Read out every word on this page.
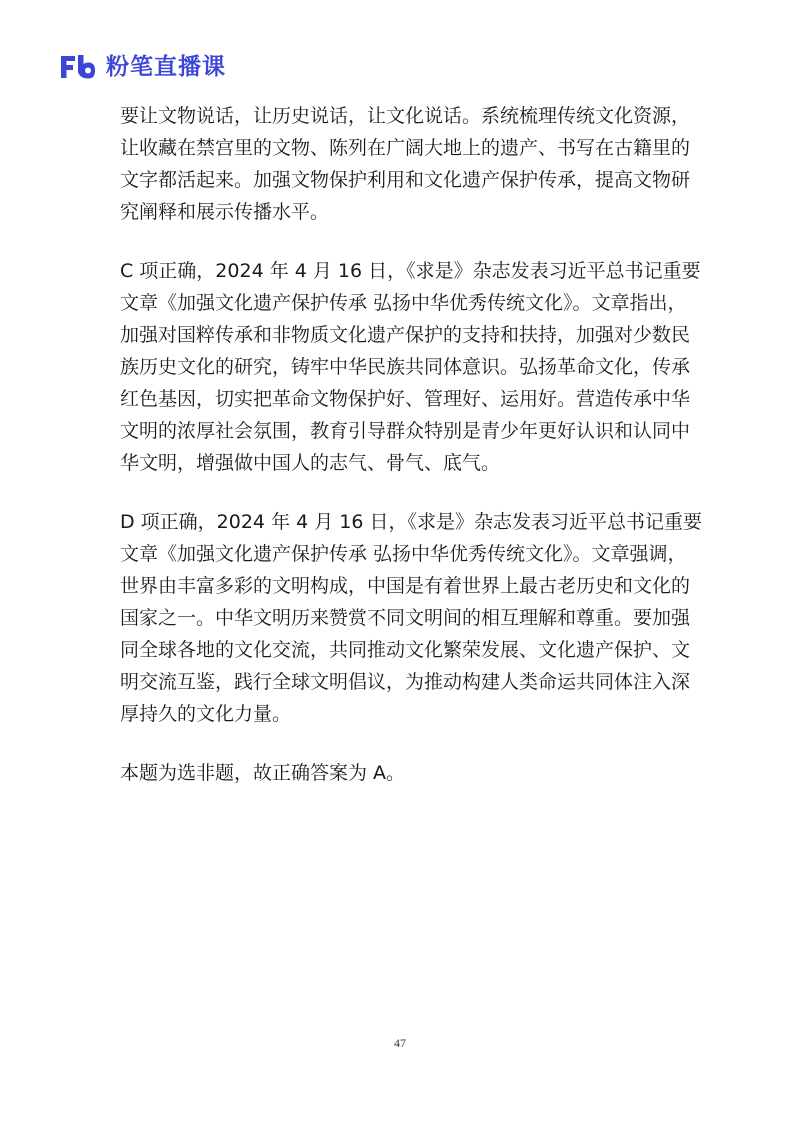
粉笔直播课

要让文物说话，让历史说话，让文化说话。系统梳理传统文化资源，
让收藏在禁宫里的文物、陈列在广阔大地上的遗产、书写在古籍里的
文字都活起来。加强文物保护利用和文化遗产保护传承，提高文物研
究阐释和展示传播水平。

C 项正确，2024 年 4 月 16 日，《求是》杂志发表习近平总书记重要
文章《加强文化遗产保护传承 弘扬中华优秀传统文化》。文章指出，
加强对国粹传承和非物质文化遗产保护的支持和扶持，加强对少数民
族历史文化的研究，铸牢中华民族共同体意识。弘扬革命文化，传承
红色基因，切实把革命文物保护好、管理好、运用好。营造传承中华
文明的浓厚社会氛围，教育引导群众特别是青少年更好认识和认同中
华文明，增强做中国人的志气、骨气、底气。

D 项正确，2024 年 4 月 16 日，《求是》杂志发表习近平总书记重要
文章《加强文化遗产保护传承 弘扬中华优秀传统文化》。文章强调，
世界由丰富多彩的文明构成，中国是有着世界上最古老历史和文化的
国家之一。中华文明历来赞赏不同文明间的相互理解和尊重。要加强
同全球各地的文化交流，共同推动文化繁荣发展、文化遗产保护、文
明交流互鉴，践行全球文明倡议，为推动构建人类命运共同体注入深
厚持久的文化力量。

本题为选非题，故正确答案为 A。

47
